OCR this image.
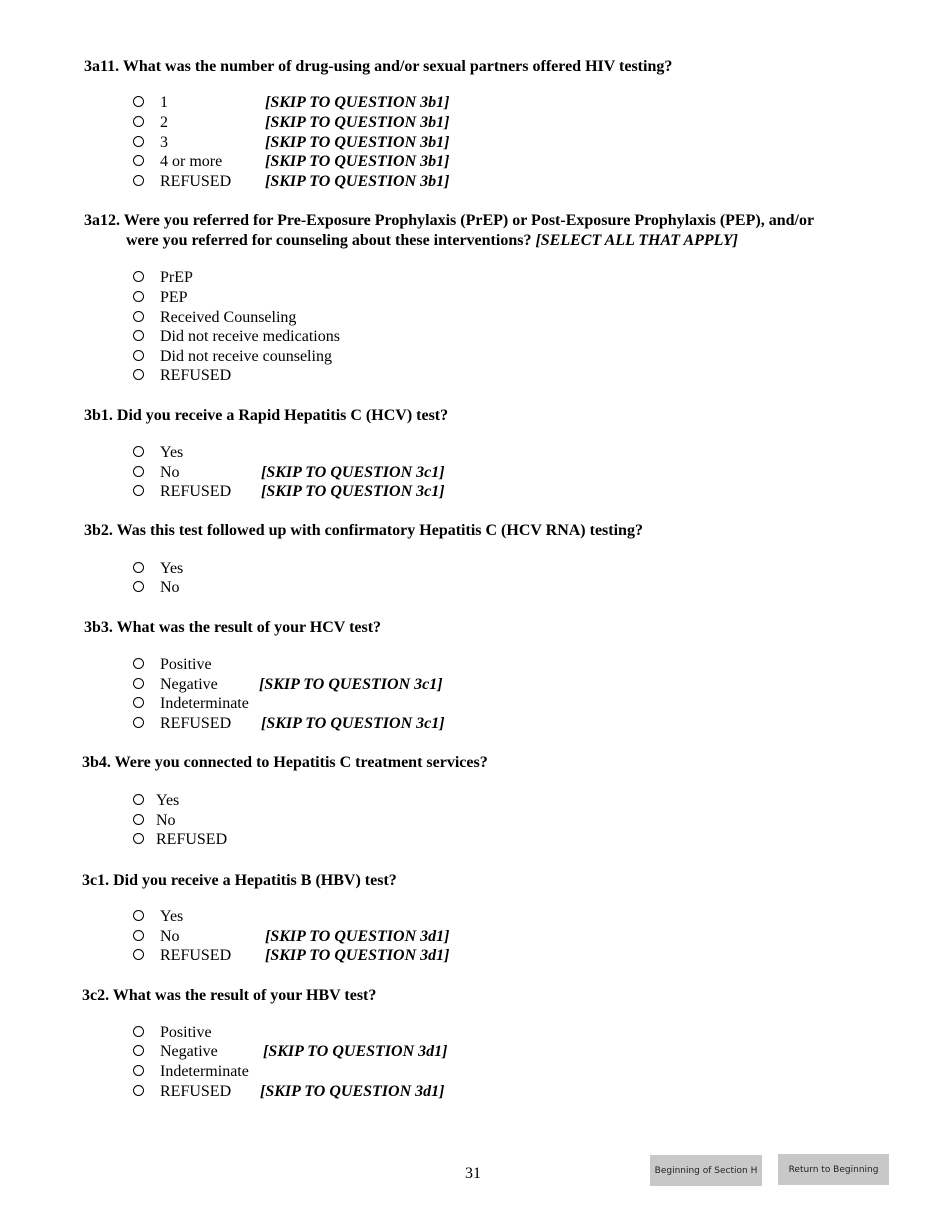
3a11. What was the number of drug-using and/or sexual partners offered HIV testing?

1	[SKIP TO QUESTION 3b1]
2	[SKIP TO QUESTION 3b1]
3	[SKIP TO QUESTION 3b1]
4 or more	[SKIP TO QUESTION 3b1]
REFUSED [SKIP TO QUESTION 3b1]

3a12. Were you referred for Pre-Exposure Prophylaxis (PrEP) or Post-Exposure Prophylaxis (PEP), and/or

were you referred for counseling about these interventions? [SELECT ALL THAT APPLY]

PrEP
PEP
Received Counseling
Did not receive medications
Did not receive counseling
REFUSED

3b1. Did you receive a Rapid Hepatitis C (HCV) test?

Yes
No	[SKIP TO QUESTION 3c1]
REFUSED [SKIP TO QUESTION 3c1]

3b2. Was this test followed up with confirmatory Hepatitis C (HCV RNA) testing?

Yes
No

3b3. What was the result of your HCV test?

Positive
Negative	[SKIP TO QUESTION 3c1]
Indeterminate
REFUSED [SKIP TO QUESTION 3c1]

3b4. Were you connected to Hepatitis C treatment services?

Yes
No
REFUSED

3c1. Did you receive a Hepatitis B (HBV) test?

Yes
No	[SKIP TO QUESTION 3d1]
REFUSED [SKIP TO QUESTION 3d1]

3c2. What was the result of your HBV test?

Positive
Negative	[SKIP TO QUESTION 3d1]
Indeterminate
REFUSED [SKIP TO QUESTION 3d1]
31	Beginning of Section H	Return to Beginning
